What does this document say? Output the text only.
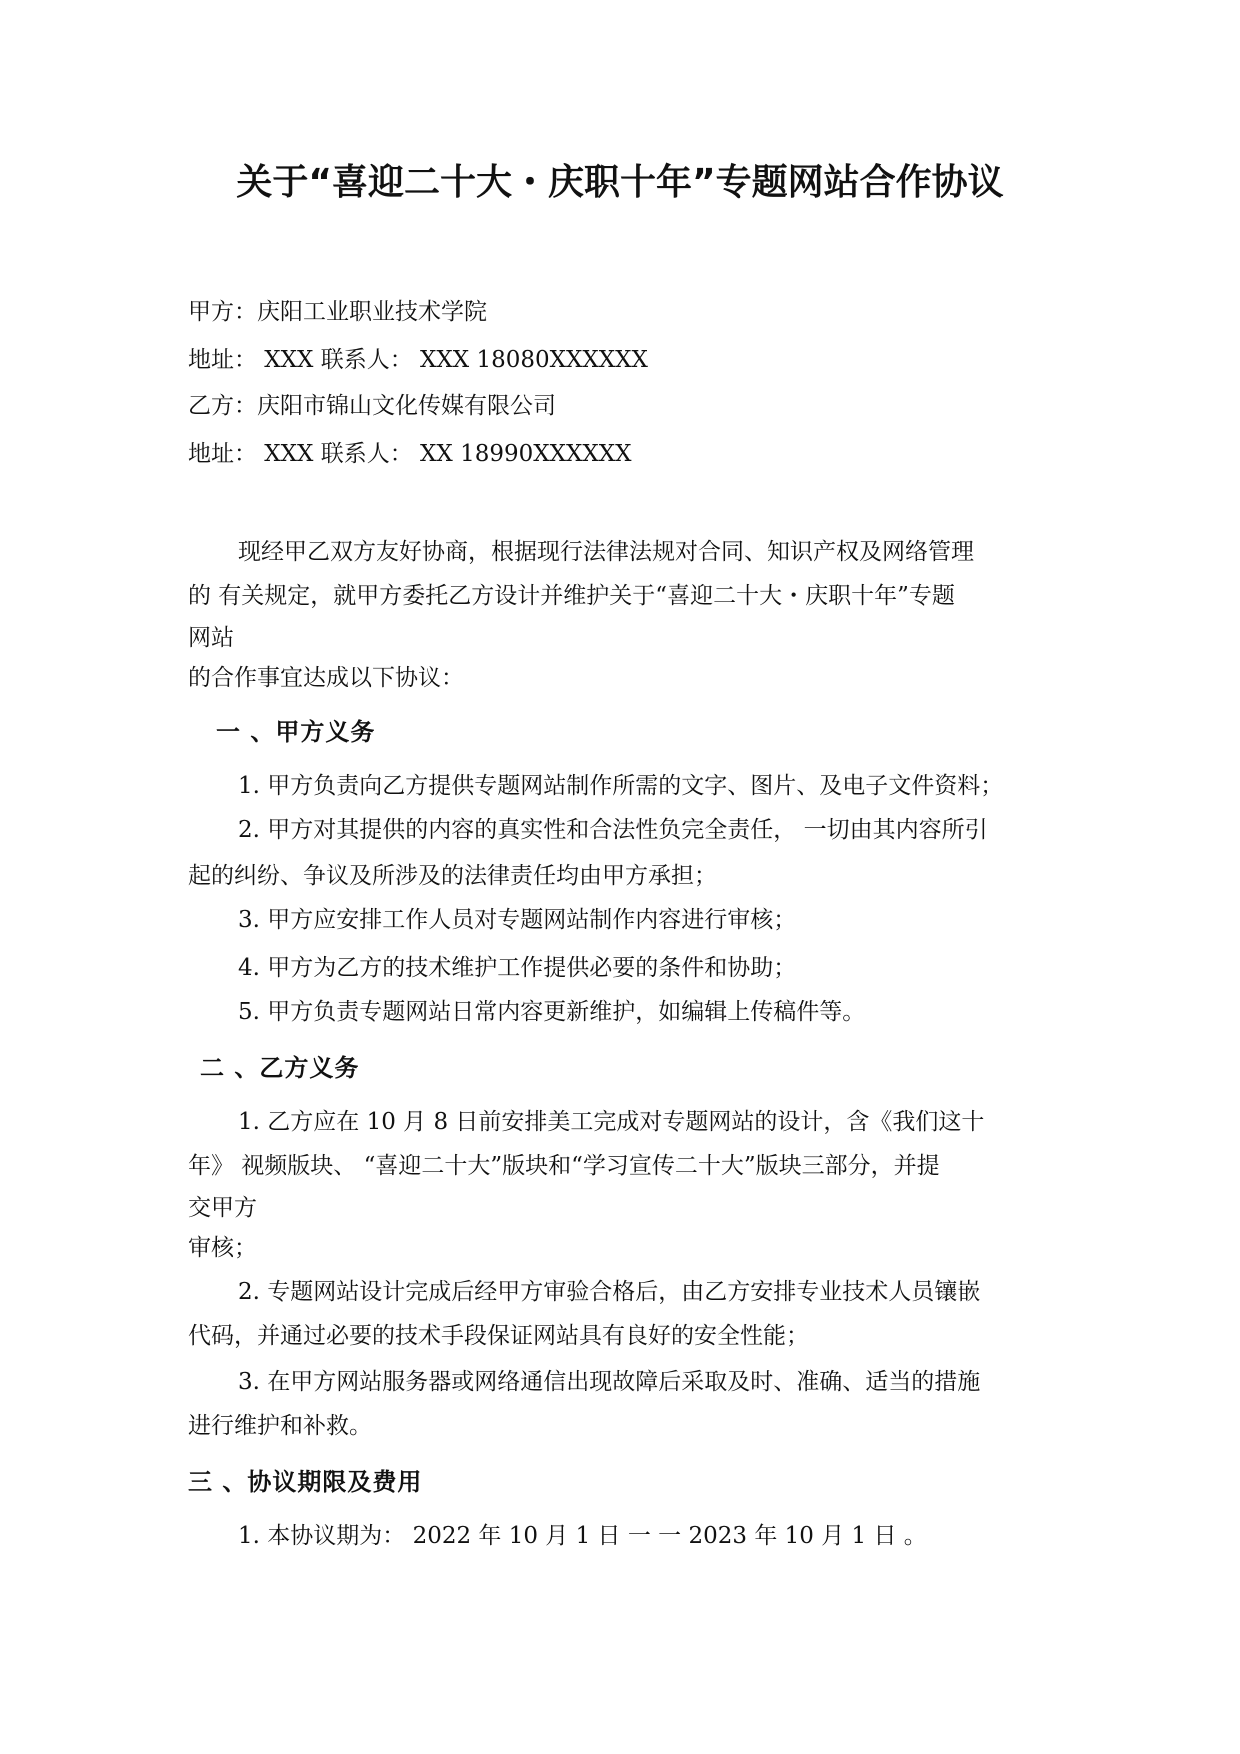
关于“喜迎二十大・庆职十年”专题网站合作协议
甲方：庆阳工业职业技术学院
地址： XXX 联系人： XXX 18080XXXXXX
乙方：庆阳市锦山文化传媒有限公司
地址： XXX 联系人： XX 18990XXXXXX
现经甲乙双方友好协商，根据现行法律法规对合同、知识产权及网络管理
的 有关规定，就甲方委托乙方设计并维护关于“喜迎二十大・庆职十年”专题
网站
的合作事宜达成以下协议：
一 、甲方义务
1. 甲方负责向乙方提供专题网站制作所需的文字、图片、及电子文件资料；
2. 甲方对其提供的内容的真实性和合法性负完全责任， 一切由其内容所引
起的纠纷、争议及所涉及的法律责任均由甲方承担；
3. 甲方应安排工作人员对专题网站制作内容进行审核；
4. 甲方为乙方的技术维护工作提供必要的条件和协助；
5. 甲方负责专题网站日常内容更新维护，如编辑上传稿件等。
二 、乙方义务
1. 乙方应在 10 月 8 日前安排美工完成对专题网站的设计，含《我们这十
年》 视频版块、 “喜迎二十大”版块和“学习宣传二十大”版块三部分，并提
交甲方
审核；
2. 专题网站设计完成后经甲方审验合格后，由乙方安排专业技术人员镶嵌
代码，并通过必要的技术手段保证网站具有良好的安全性能；
3. 在甲方网站服务器或网络通信出现故障后采取及时、准确、适当的措施
进行维护和补救。
三 、协议期限及费用
1. 本协议期为： 2022 年 10 月 1 日 一 一 2023 年 10 月 1 日 。
